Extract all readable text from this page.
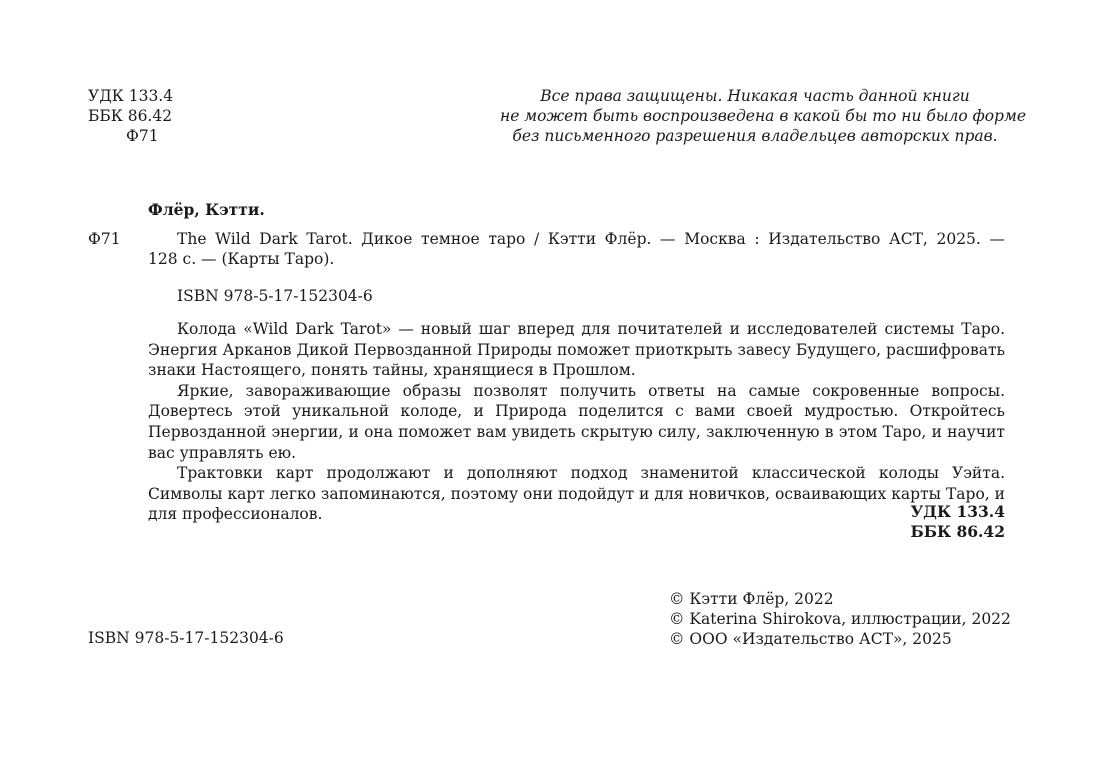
УДК 133.4
ББК 86.42
Ф71
Все права защищены. Никакая часть данной книги
не может быть воспроизведена в какой бы то ни было форме
без письменного разрешения владельцев авторских прав.
Флёр, Кэтти.
Ф71	The Wild Dark Tarot. Дикое темное таро / Кэтти Флёр. — Москва : Издательство АСТ, 2025. —
128 с. — (Карты Таро).
ISBN 978-5-17-152304-6

Колода «Wild Dark Tarot» — новый шаг вперед для почитателей и исследователей системы Таро. Энергия Арканов Дикой Первозданной Природы поможет приоткрыть завесу Будущего, расшифровать знаки Настоящего, понять тайны, хранящиеся в Прошлом.

Яркие, завораживающие образы позволят получить ответы на самые сокровенные вопросы. Довертесь этой уникальной колоде, и Природа поделится с вами своей мудростью. Откройтесь Первозданной энергии, и она поможет вам увидеть скрытую силу, заключенную в этом Таро, и научит вас управлять ею.

Трактовки карт продолжают и дополняют подход знаменитой классической колоды Уэйта. Символы карт легко запоминаются, поэтому они подойдут и для новичков, осваивающих карты Таро, и для профессионалов.	УДК 133.4
ББК 86.42
© Кэтти Флёр, 2022
© Katerina Shirokova, иллюстрации, 2022
© ООО «Издательство АСТ», 2025
ISBN 978-5-17-152304-6
